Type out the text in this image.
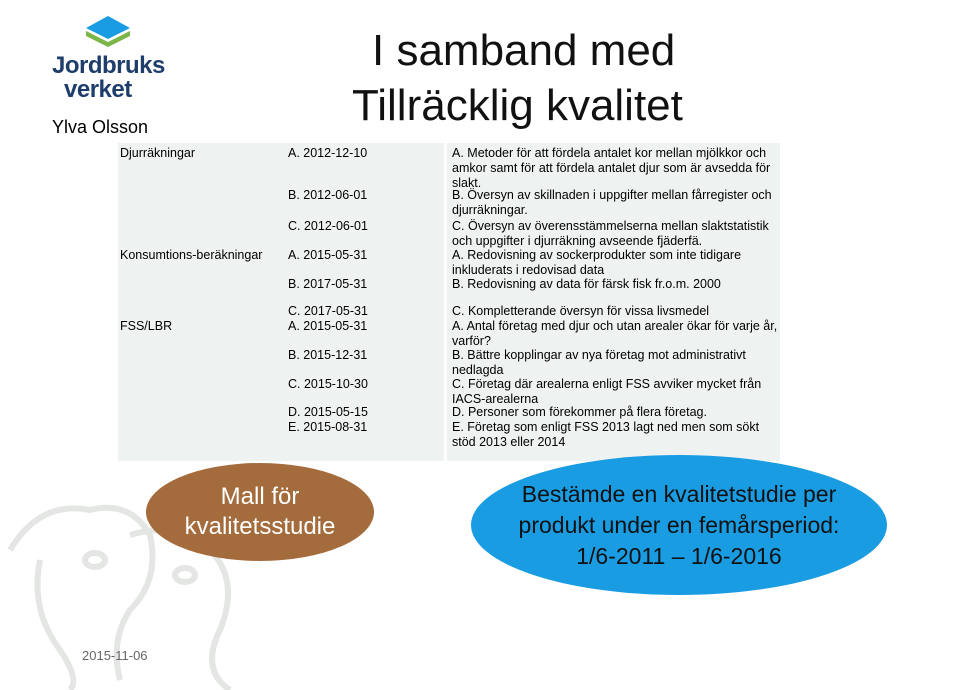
Jordbruks
verket
Ylva Olsson
I samband med
Tillräcklig kvalitet
Djurräkningar
Konsumtions-beräkningar
FSS/LBR
A. 2012-12-10
B. 2012-06-01
C. 2012-06-01
A. 2015-05-31
B. 2017-05-31
C. 2017-05-31
A. 2015-05-31
B. 2015-12-31
C. 2015-10-30
D. 2015-05-15
E. 2015-08-31
A. Metoder för att fördela antalet kor mellan mjölkkor och amkor samt för att fördela antalet djur som är avsedda för slakt.
B. Översyn av skillnaden i uppgifter mellan fårregister och djurräkningar.
C. Översyn av överensstämmelserna mellan slaktstatistik och uppgifter i djurräkning avseende fjäderfä.
A. Redovisning av sockerprodukter som inte tidigare inkluderats i redovisad data
B. Redovisning av data för färsk fisk fr.o.m. 2000
C. Kompletterande översyn för vissa livsmedel
A. Antal företag med djur och utan arealer ökar för varje år, varför?
B. Bättre kopplingar av nya företag mot administrativt nedlagda
C. Företag där arealerna enligt FSS avviker mycket från IACS-arealerna
D. Personer som förekommer på flera företag.
E. Företag som enligt FSS 2013 lagt ned men som sökt stöd 2013 eller 2014
Mall för
kvalitetsstudie
Bestämde en kvalitetstudie per
produkt under en femårsperiod:
1/6-2011 – 1/6-2016
2015-11-06
